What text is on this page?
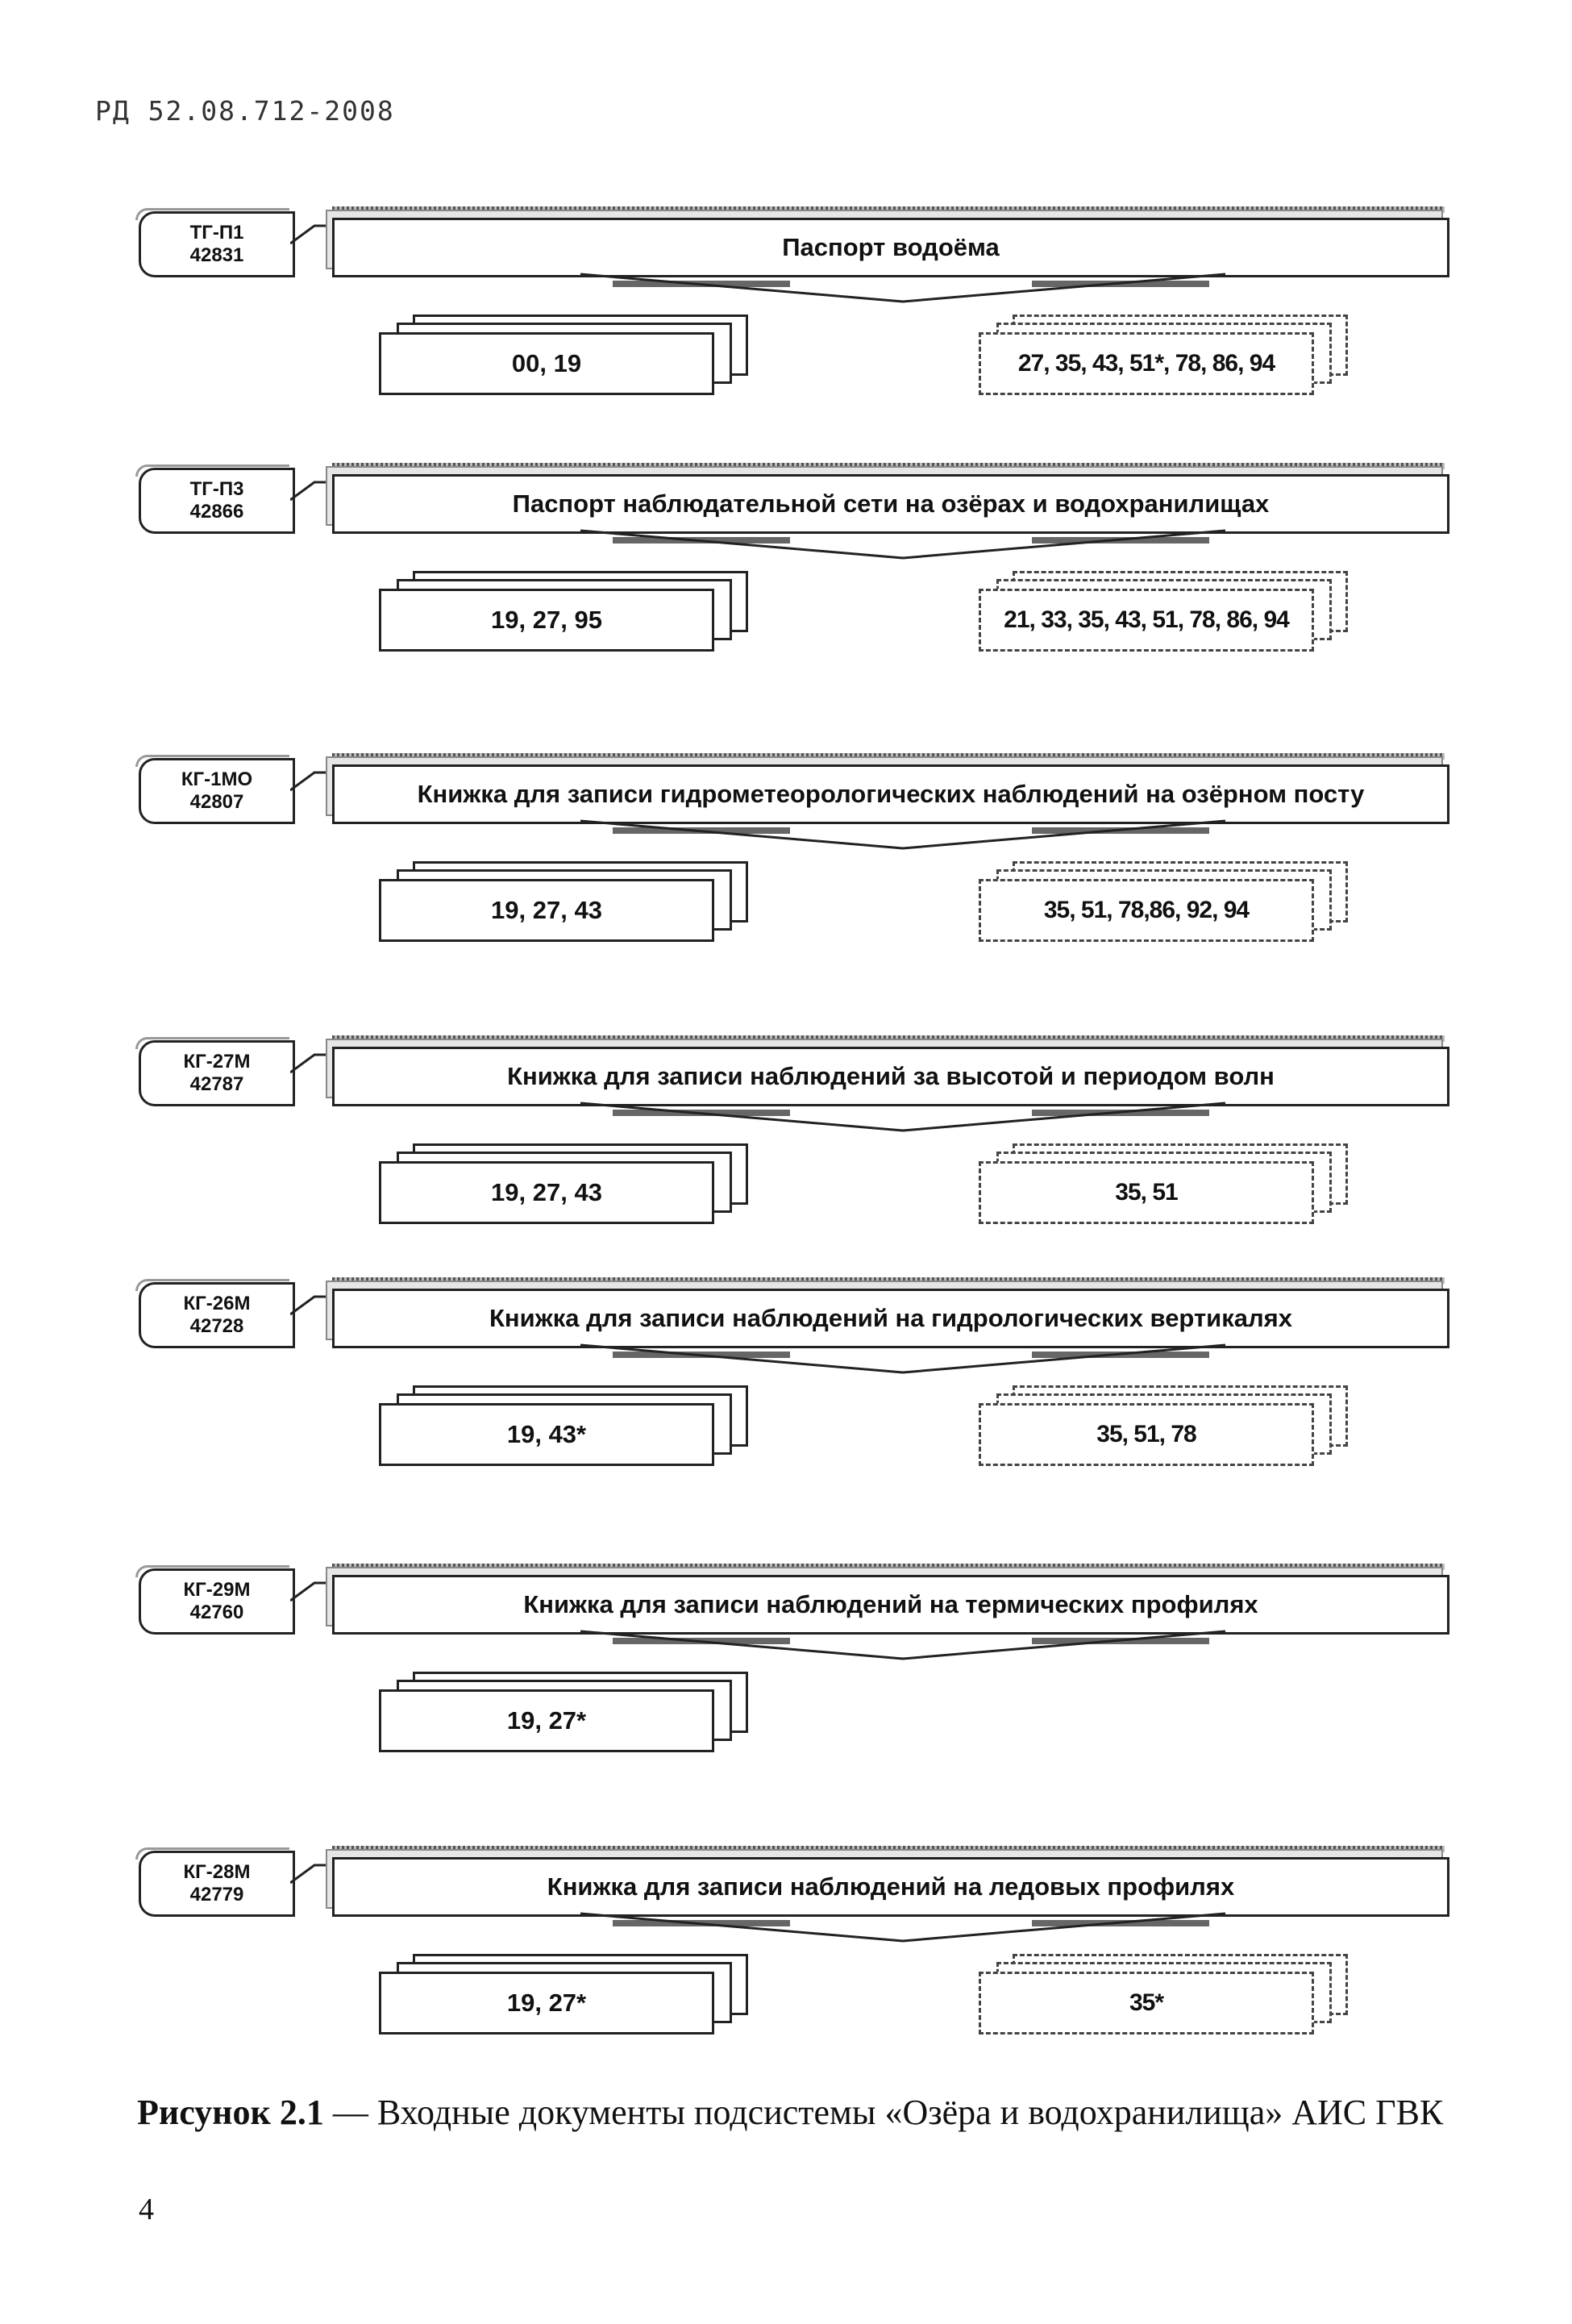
РД 52.08.712-2008
ТГ-П1
42831	Паспорт водоёма
00, 19	27, 35, 43, 51*, 78, 86, 94
ТГ-П3
42866	Паспорт наблюдательной сети на озёрах и водохранилищах
19, 27, 95	21, 33, 35, 43, 51, 78, 86, 94
КГ-1МО
42807	Книжка для записи гидрометеорологических наблюдений на озёрном посту
19, 27, 43	35, 51, 78,86, 92, 94
КГ-27М
42787	Книжка для записи наблюдений за высотой и периодом волн
19, 27, 43	35, 51
КГ-26М
42728	Книжка для записи наблюдений на гидрологических вертикалях
19, 43*	35, 51, 78
КГ-29М
42760	Книжка для записи наблюдений на термических профилях
19, 27*
КГ-28М
42779	Книжка для записи наблюдений на ледовых профилях
19, 27*	35*
Рисунок 2.1 — Входные документы подсистемы «Озёра и водохранилища» АИС ГВК
4
